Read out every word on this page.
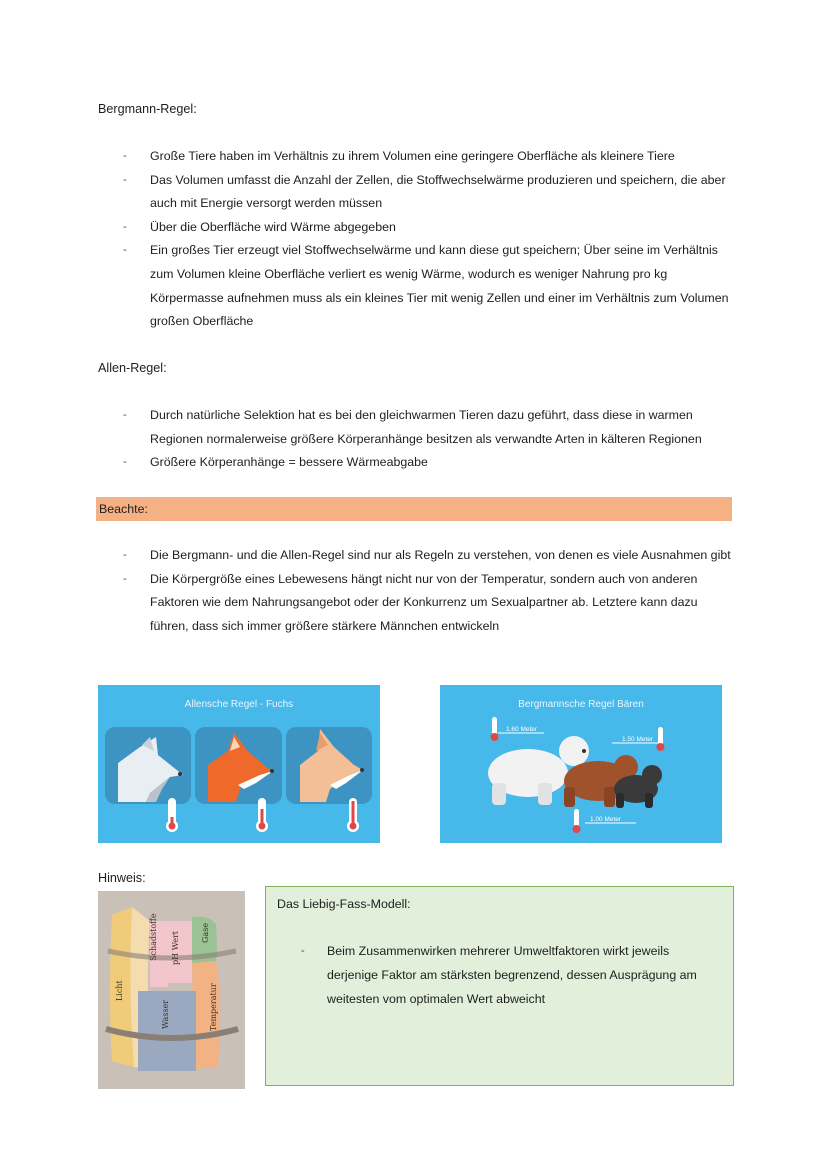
Bergmann-Regel:
- Große Tiere haben im Verhältnis zu ihrem Volumen eine geringere Oberfläche als kleinere Tiere
- Das Volumen umfasst die Anzahl der Zellen, die Stoffwechselwärme produzieren und speichern, die aber auch mit Energie versorgt werden müssen
- Über die Oberfläche wird Wärme abgegeben
- Ein großes Tier erzeugt viel Stoffwechselwärme und kann diese gut speichern; Über seine im Verhältnis zum Volumen kleine Oberfläche verliert es wenig Wärme, wodurch es weniger Nahrung pro kg Körpermasse aufnehmen muss als ein kleines Tier mit wenig Zellen und einer im Verhältnis zum Volumen großen Oberfläche
Allen-Regel:
- Durch natürliche Selektion hat es bei den gleichwarmen Tieren dazu geführt, dass diese in warmen Regionen normalerweise größere Körperanhänge besitzen als verwandte Arten in kälteren Regionen
- Größere Körperanhänge = bessere Wärmeabgabe
Beachte:
- Die Bergmann- und die Allen-Regel sind nur als Regeln zu verstehen, von denen es viele Ausnahmen gibt
- Die Körpergröße eines Lebewesens hängt nicht nur von der Temperatur, sondern auch von anderen Faktoren wie dem Nahrungsangebot oder der Konkurrenz um Sexualpartner ab. Letztere kann dazu führen, dass sich immer größere stärkere Männchen entwickeln
Allensche Regel - Fuchs	Bergmannsche Regel Bären
1.60 Meter
1.50 Meter
1.00 Meter
Hinweis:
Licht
Schadstoffe pH Wert	Gase
Wasser	Temperatur
Das Liebig-Fass-Modell:
- Beim Zusammenwirken mehrerer Umweltfaktoren wirkt jeweils derjenige Faktor am stärksten begrenzend, dessen Ausprägung am weitesten vom optimalen Wert abweicht
